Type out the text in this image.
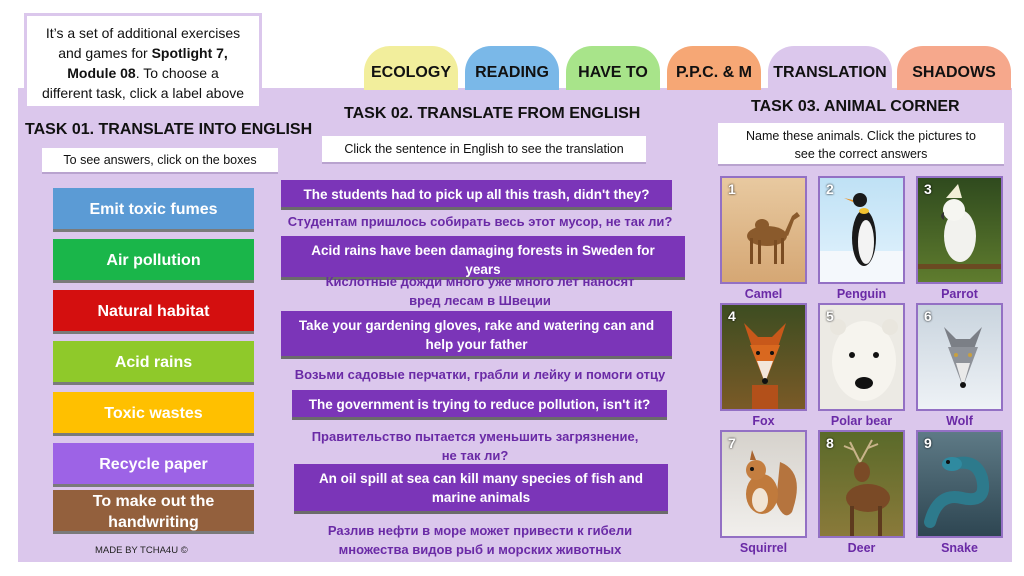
It’s a set of additional exercises
and games for Spotlight 7,
Module 08. To choose a
different task, click a label above
ECOLOGY	READING	HAVE TO	P.P.C. & M	TRANSLATION	SHADOWS
TASK 01. TRANSLATE INTO ENGLISH
To see answers, click on the boxes
Emit toxic fumes
Air pollution
Natural habitat
Acid rains
Toxic wastes
Recycle paper
To make out the
handwriting
MADE BY TCHA4U ©
TASK 02. TRANSLATE FROM ENGLISH
Click the sentence in English to see the translation
The students had to pick up all this trash, didn't they?
Студентам пришлось собирать весь этот мусор, не так ли?
Acid rains have been damaging forests in Sweden for
years
Кислотные дожди много уже много лет наносят
вред лесам в Швеции
Take your gardening gloves, rake and watering can and
help your father
Возьми садовые перчатки, грабли и лейку и помоги отцу
The government is trying to reduce pollution, isn't it?
Правительство пытается уменьшить загрязнение,
не так ли?
An oil spill at sea can kill many species of fish and
marine animals
Разлив нефти в море может привести к гибели
множества видов рыб и морских животных
TASK 03. ANIMAL CORNER
Name these animals. Click the pictures to
see the correct answers
1	2	3
Camel	Penguin	Parrot
4	5	6
Fox	Polar bear	Wolf
7	8	9
Squirrel	Deer	Snake
